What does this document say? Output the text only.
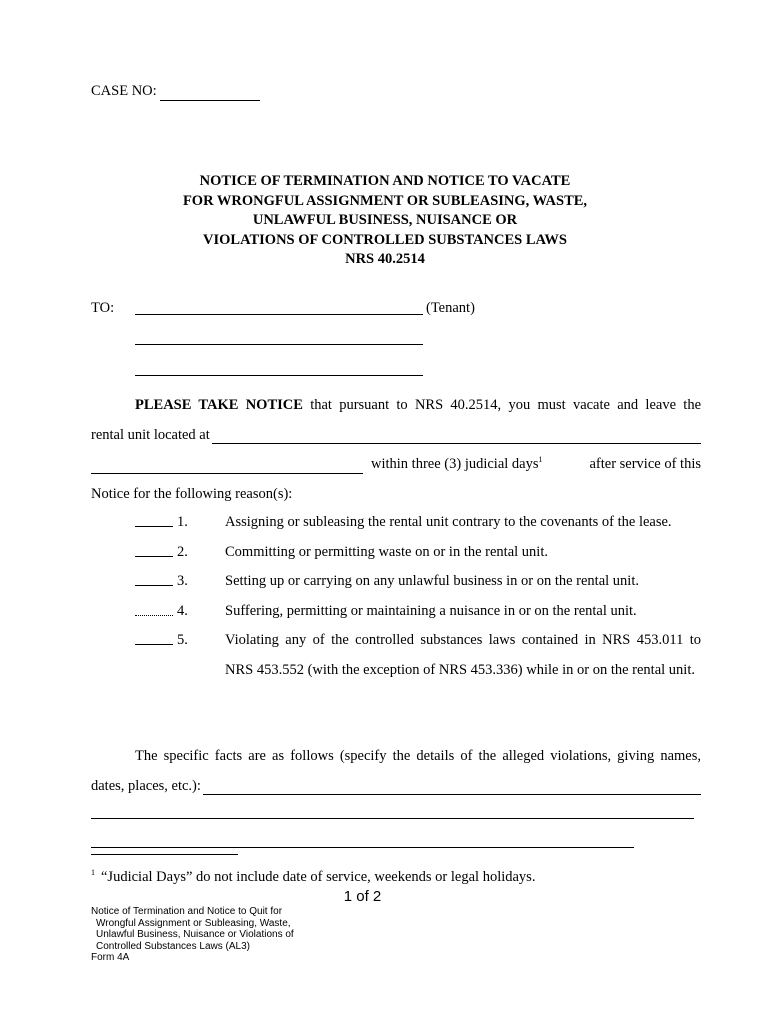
CASE NO:
NOTICE OF TERMINATION AND NOTICE TO VACATE
FOR WRONGFUL ASSIGNMENT OR SUBLEASING, WASTE,
UNLAWFUL BUSINESS, NUISANCE OR
VIOLATIONS OF CONTROLLED SUBSTANCES LAWS
NRS 40.2514
TO:	(Tenant)
PLEASE TAKE NOTICE that pursuant to NRS 40.2514, you must vacate and leave the
rental unit located at
within three (3) judicial days$^1$	after service of this
Notice for the following reason(s):
1.	Assigning or subleasing the rental unit contrary to the covenants of the lease.
2.	Committing or permitting waste on or in the rental unit.
3.	Setting up or carrying on any unlawful business in or on the rental unit.
4.	Suffering, permitting or maintaining a nuisance in or on the rental unit.
5.	Violating any of the controlled substances laws contained in NRS 453.011 to NRS 453.552 (with the exception of NRS 453.336) while in or on the rental unit.
The specific facts are as follows (specify the details of the alleged violations, giving names,
dates, places, etc.):
$^1$ “Judicial Days” do not include date of service, weekends or legal holidays.
1 of 2
Notice of Termination and Notice to Quit for
Wrongful Assignment or Subleasing, Waste,
Unlawful Business, Nuisance or Violations of
Controlled Substances Laws (AL3)
Form 4A
